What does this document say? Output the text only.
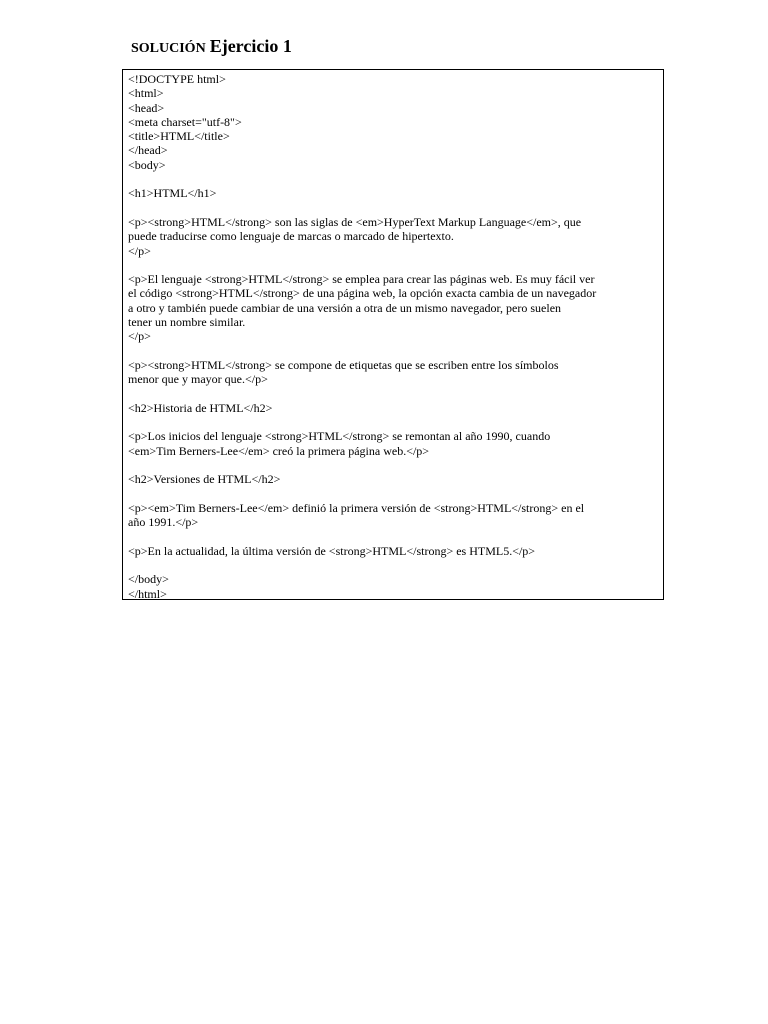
SOLUCIÓN Ejercicio 1
<!DOCTYPE html>
<html>
<head>
<meta charset="utf-8">
<title>HTML</title>
</head>
<body>
<h1>HTML</h1>
<p><strong>HTML</strong> son las siglas de <em>HyperText Markup Language</em>, que
puede traducirse como lenguaje de marcas o marcado de hipertexto.
</p>
<p>El lenguaje <strong>HTML</strong> se emplea para crear las páginas web. Es muy fácil ver
el código <strong>HTML</strong> de una página web, la opción exacta cambia de un navegador
a otro y también puede cambiar de una versión a otra de un mismo navegador, pero suelen
tener un nombre similar.
</p>
<p><strong>HTML</strong> se compone de etiquetas que se escriben entre los símbolos
menor que y mayor que.</p>
<h2>Historia de HTML</h2>
<p>Los inicios del lenguaje <strong>HTML</strong> se remontan al año 1990, cuando
<em>Tim Berners-Lee</em> creó la primera página web.</p>
<h2>Versiones de HTML</h2>
<p><em>Tim Berners-Lee</em> definió la primera versión de <strong>HTML</strong> en el
año 1991.</p>
<p>En la actualidad, la última versión de <strong>HTML</strong> es HTML5.</p>
</body>
</html>
